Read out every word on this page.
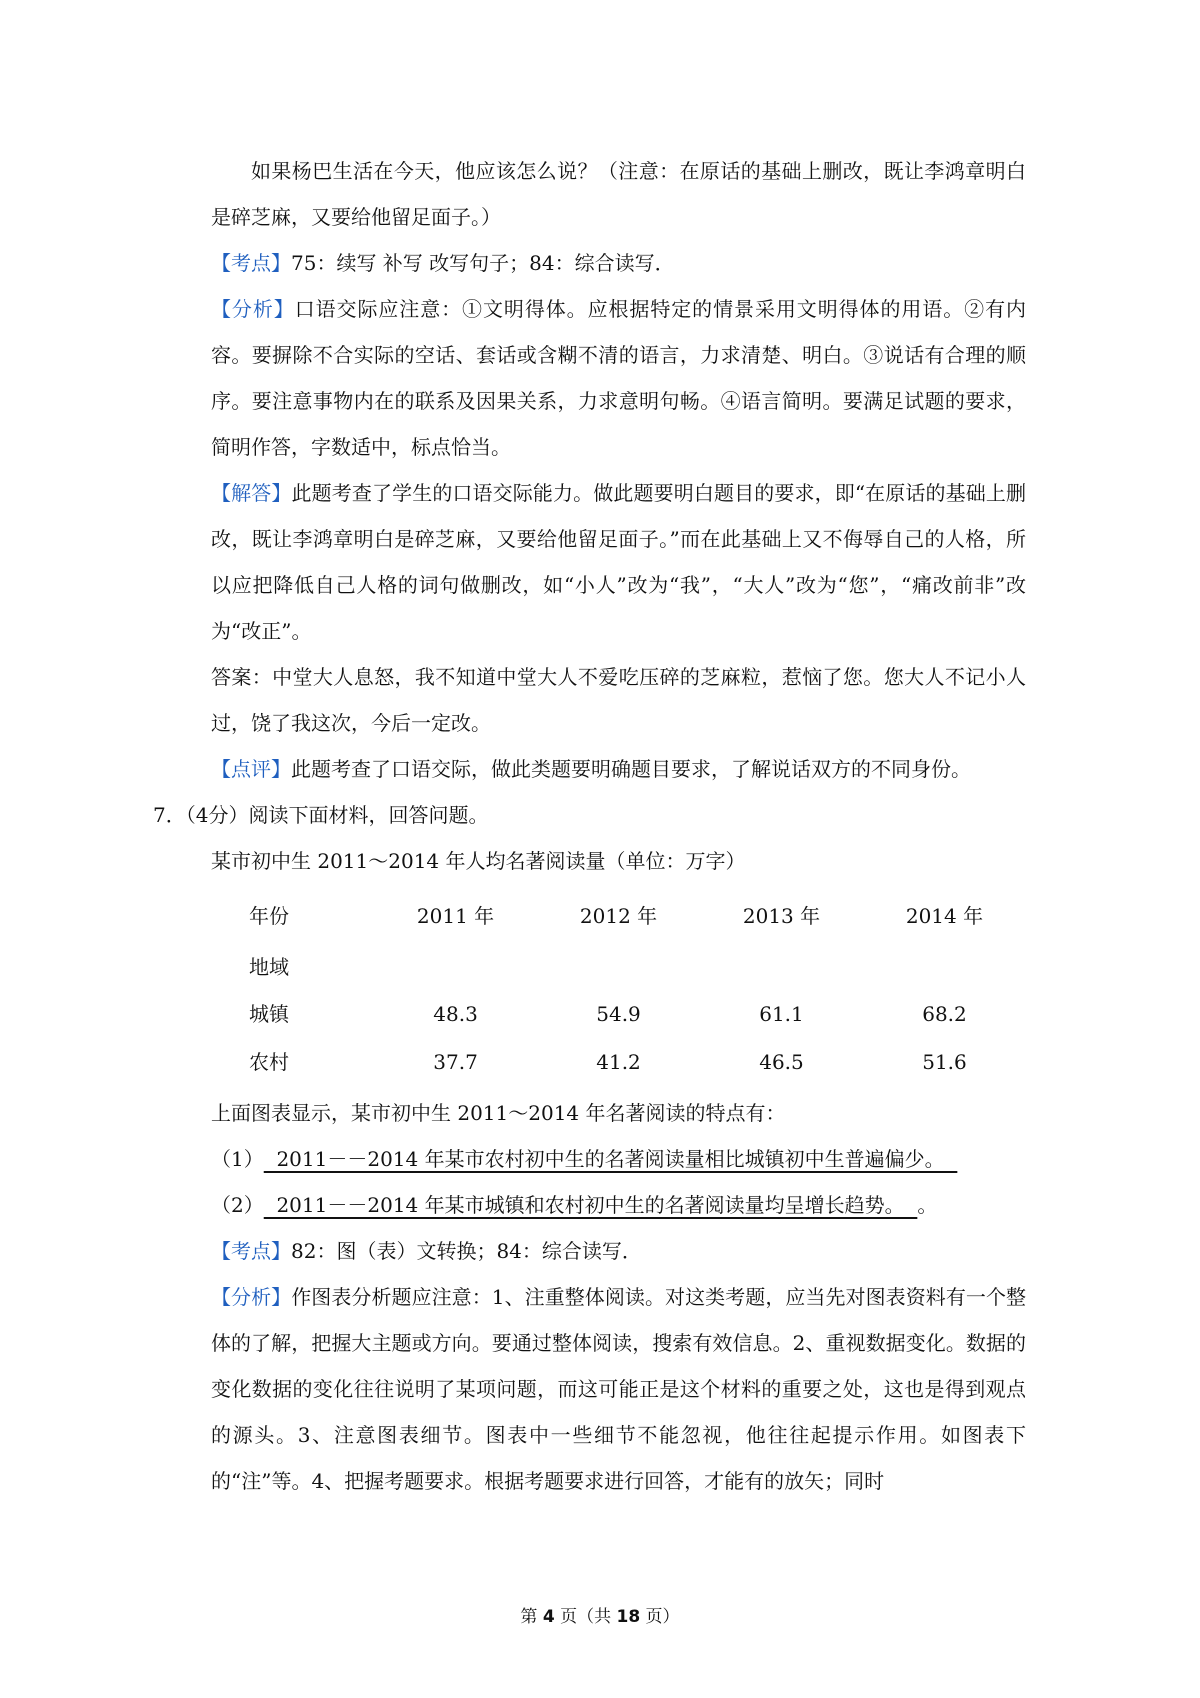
如果杨巴生活在今天，他应该怎么说？（注意：在原话的基础上删改，既让李鸿章明白是碎芝麻，又要给他留足面子。）

【考点】75：续写 补写 改写句子；84：综合读写．

【分析】口语交际应注意：①文明得体。应根据特定的情景采用文明得体的用语。②有内容。要摒除不合实际的空话、套话或含糊不清的语言，力求清楚、明白。③说话有合理的顺序。要注意事物内在的联系及因果关系，力求意明句畅。④语言简明。要满足试题的要求，简明作答，字数适中，标点恰当。

【解答】此题考查了学生的口语交际能力。做此题要明白题目的要求，即“在原话的基础上删改，既让李鸿章明白是碎芝麻，又要给他留足面子。”而在此基础上又不侮辱自己的人格，所以应把降低自己人格的词句做删改，如“小人”改为“我”，“大人”改为“您”，“痛改前非”改为“改正”。

答案：中堂大人息怒，我不知道中堂大人不爱吃压碎的芝麻粒，惹恼了您。您大人不记小人过，饶了我这次，今后一定改。

【点评】此题考查了口语交际，做此类题要明确题目要求，了解说话双方的不同身份。

7．（4分）阅读下面材料，回答问题。

某市初中生 2011～2014 年人均名著阅读量（单位：万字）

年份	2011 年	2012 年	2013 年	2014 年
地域				
城镇	48.3	54.9	61.1	68.2
农村	37.7	41.2	46.5	51.6

上面图表显示，某市初中生 2011～2014 年名著阅读的特点有：

（1）  2011－－2014 年某市农村初中生的名著阅读量相比城镇初中生普遍偏少。

（2）  2011－－2014 年某市城镇和农村初中生的名著阅读量均呈增长趋势。  。

【考点】82：图（表）文转换；84：综合读写．

【分析】作图表分析题应注意：1、注重整体阅读。对这类考题，应当先对图表资料有一个整体的了解，把握大主题或方向。要通过整体阅读，搜索有效信息。2、重视数据变化。数据的变化数据的变化往往说明了某项问题，而这可能正是这个材料的重要之处，这也是得到观点的源头。3、注意图表细节。图表中一些细节不能忽视，他往往起提示作用。如图表下的“注”等。4、把握考题要求。根据考题要求进行回答，才能有的放矢；同时

第 4 页（共 18 页）
